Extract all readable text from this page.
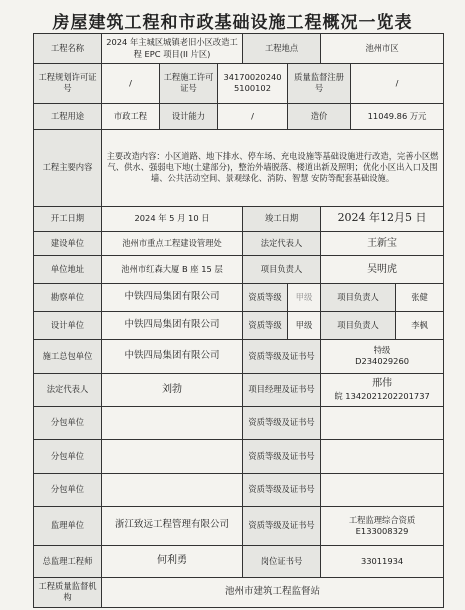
房屋建筑工程和市政基础设施工程概况一览表
工程名称	2024 年主城区城镇老旧小区改造工程 EPC 项目(II 片区)			工程地点		池州市区		
工程规划许可证号	/	工程施工许可证号	341700202405100102		质量监督注册号		/	
工程用途	市政工程	设计能力	/		造价		11049.86 万元	
工程主要内容	主要改造内容：小区道路、地下排水、停车场、充电设施等基础设施进行改造，完善小区燃气、供水、强弱电下地(土建部分)，整治外墙脱落、楼道出新及照明；优化小区出入口及围墙、公共活动空间、景观绿化、消防、智慧 安防等配套基础设施。							
开工日期	2024 年 5 月 10 日			竣工日期		2024 年12月5 日		
建设单位	池州市重点工程建设管理处			法定代表人		王新宝		
单位地址	池州市红森大厦 B 座 15 层			项目负责人		吴明虎		
勘察单位	中铁四局集团有限公司			资质等级	甲级	项目负责人		张健
设计单位	中铁四局集团有限公司			资质等级	甲级	项目负责人		李枫
施工总包单位	中铁四局集团有限公司			资质等级及证书号		特级
D234029260		

法定代表人	刘勃			项目经理及证书号		邢伟
皖 1342021202201737		

分包单位				资质等级及证书号				
分包单位				资质等级及证书号				
分包单位				资质等级及证书号				
监理单位	浙江致远工程管理有限公司			资质等级及证书号		工程监理综合资质
E133008329		

总监理工程师	何利勇			岗位证书号		33011934		
工程质量监督机构	池州市建筑工程监督站							
